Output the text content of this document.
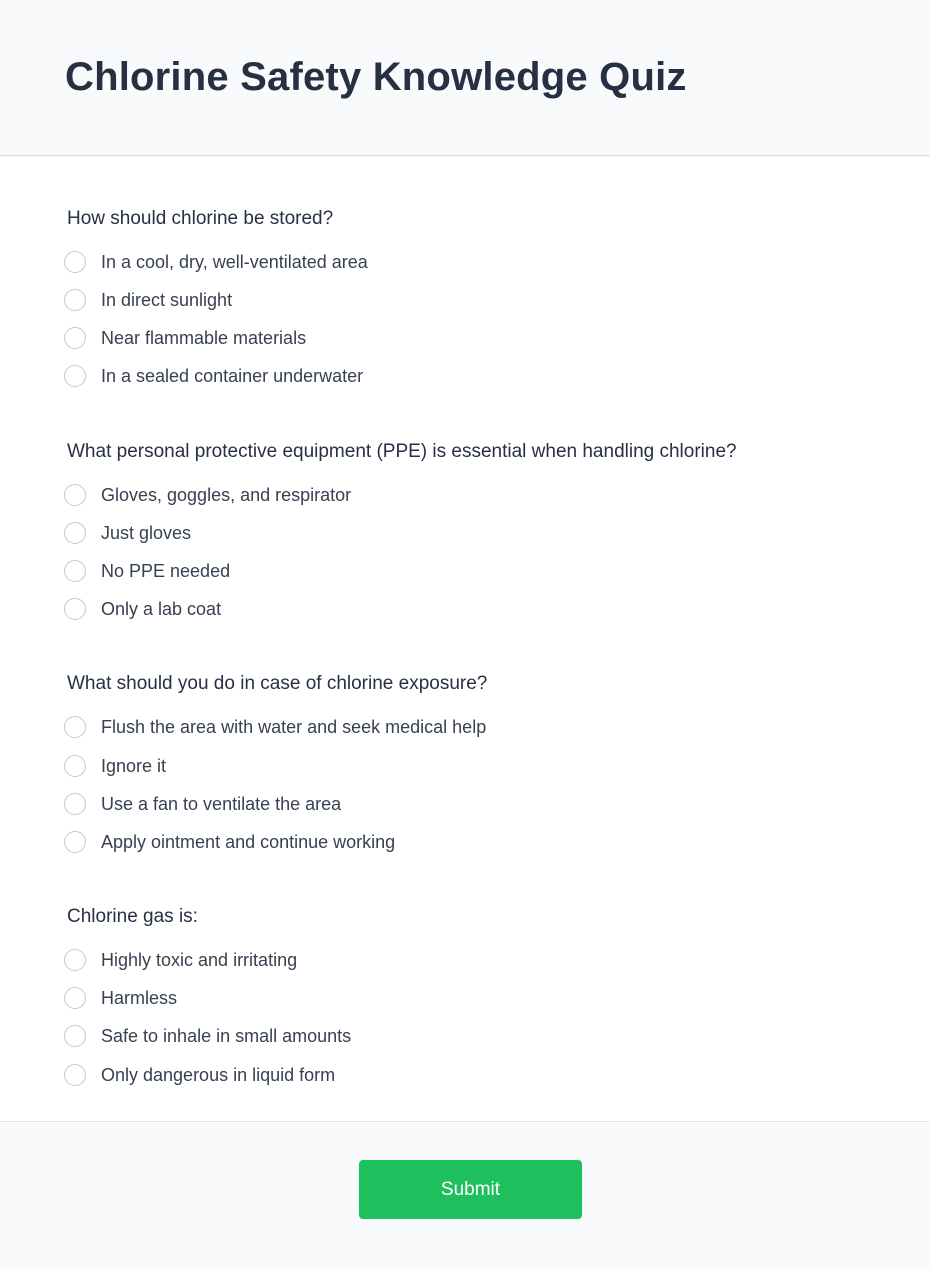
Chlorine Safety Knowledge Quiz

How should chlorine be stored?

In a cool, dry, well-ventilated area
In direct sunlight
Near flammable materials
In a sealed container underwater

What personal protective equipment (PPE) is essential when handling chlorine?

Gloves, goggles, and respirator
Just gloves
No PPE needed
Only a lab coat

What should you do in case of chlorine exposure?

Flush the area with water and seek medical help
Ignore it
Use a fan to ventilate the area
Apply ointment and continue working

Chlorine gas is:

Highly toxic and irritating
Harmless
Safe to inhale in small amounts
Only dangerous in liquid form
Submit
